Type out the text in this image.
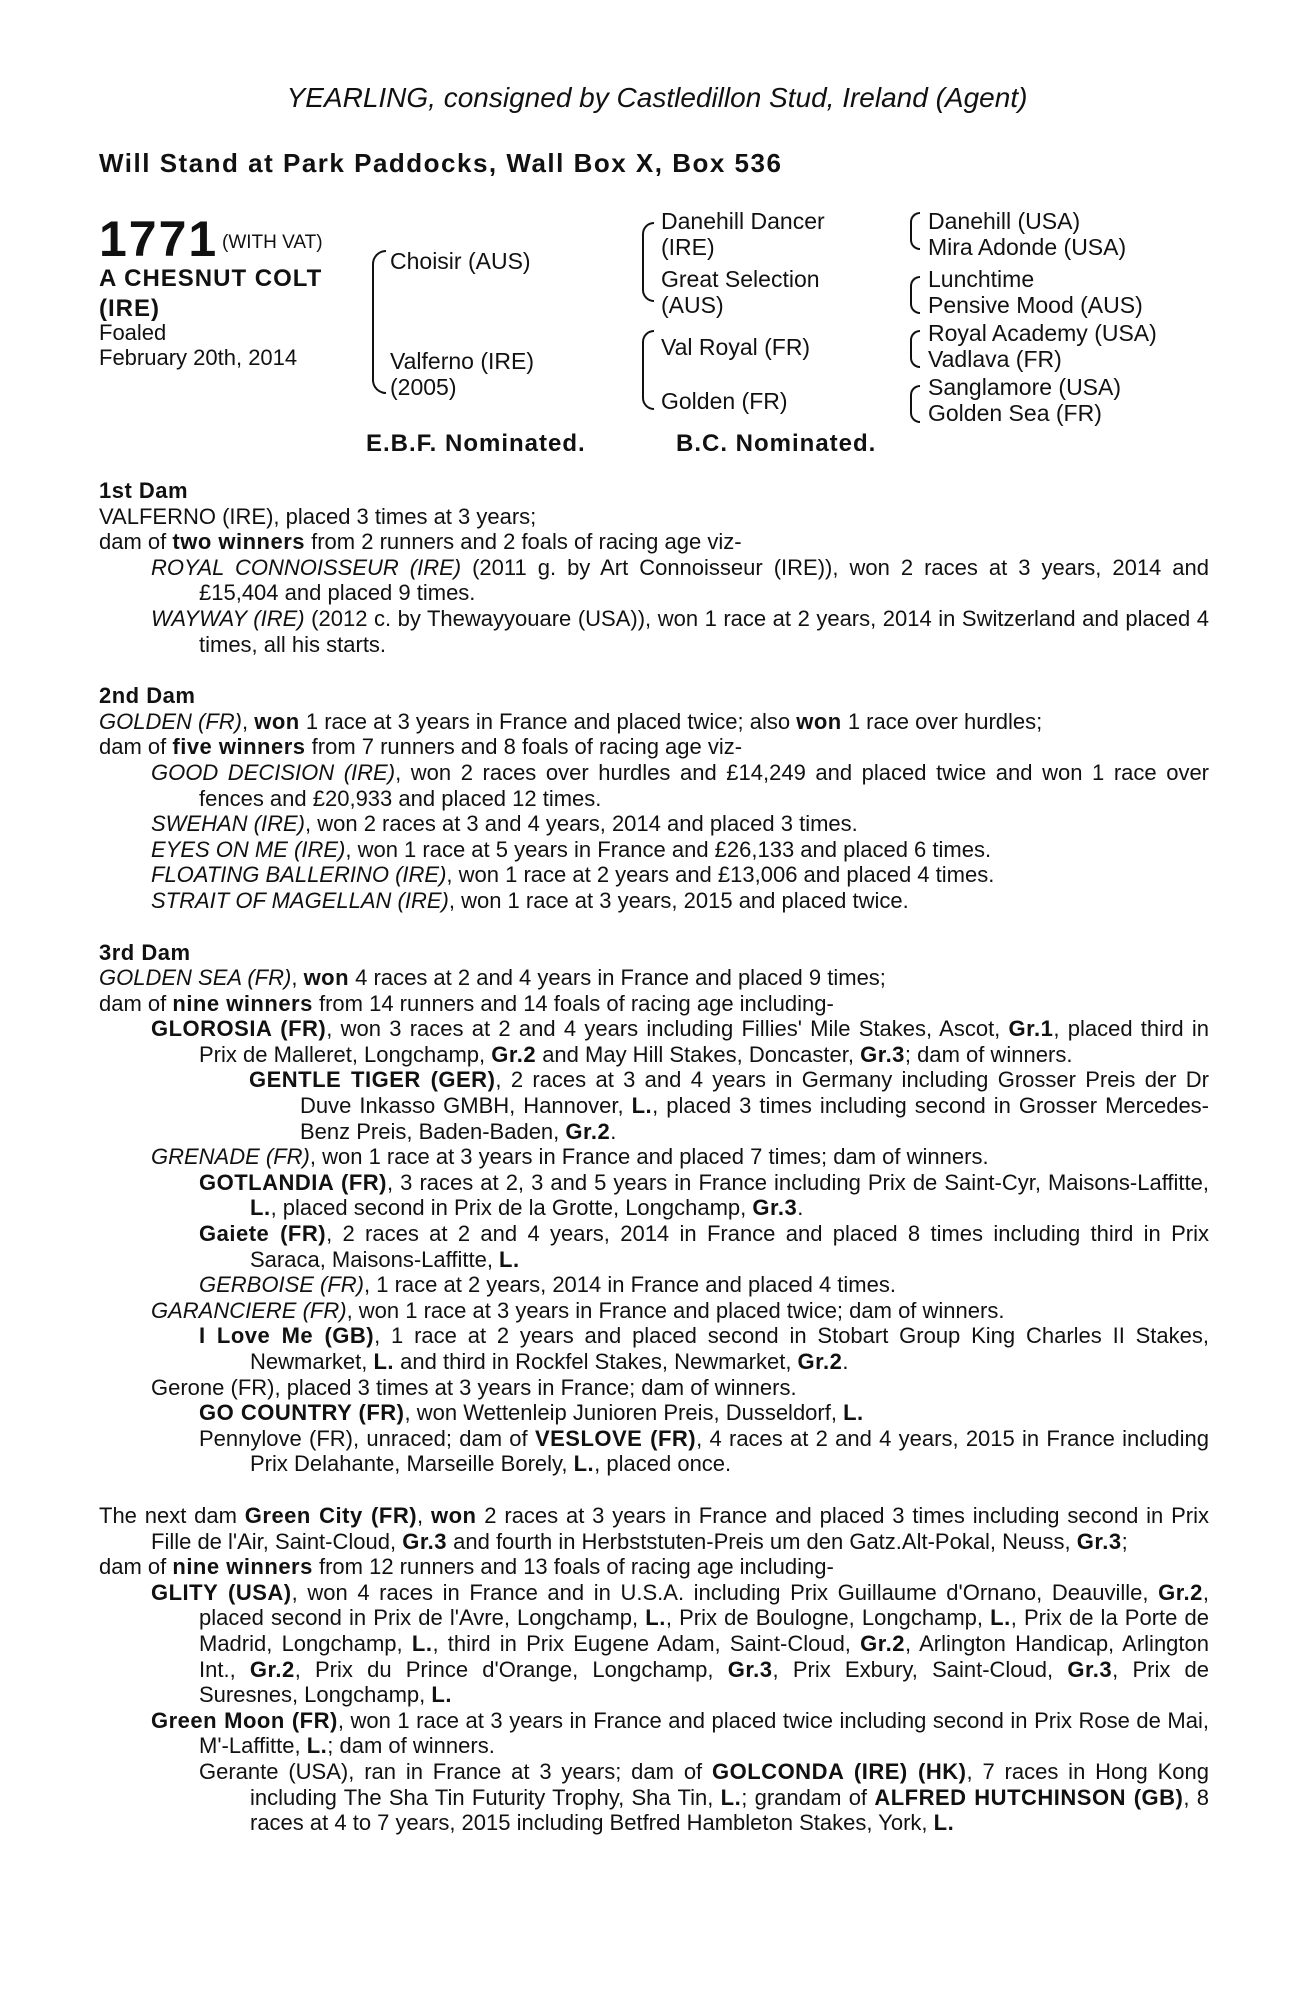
YEARLING, consigned by Castledillon Stud, Ireland (Agent)
Will Stand at Park Paddocks, Wall Box X, Box 536
1771 (WITH VAT)
A CHESNUT COLT
(IRE)
Foaled
February 20th, 2014
Choisir (AUS)
Valferno (IRE)
(2005)
Danehill Dancer
(IRE)
Great Selection
(AUS)
Val Royal (FR)
Golden (FR)
Danehill (USA)
Mira Adonde (USA)
Lunchtime
Pensive Mood (AUS)
Royal Academy (USA)
Vadlava (FR)
Sanglamore (USA)
Golden Sea (FR)
E.B.F. Nominated.	B.C. Nominated.

1st Dam

VALFERNO (IRE), placed 3 times at 3 years;

dam of two winners from 2 runners and 2 foals of racing age viz-

ROYAL CONNOISSEUR (IRE) (2011 g. by Art Connoisseur (IRE)), won 2 races at 3 years, 2014 and £15,404 and placed 9 times.

WAYWAY (IRE) (2012 c. by Thewayyouare (USA)), won 1 race at 2 years, 2014 in Switzerland and placed 4 times, all his starts.

2nd Dam

GOLDEN (FR), won 1 race at 3 years in France and placed twice; also won 1 race over hurdles;

dam of five winners from 7 runners and 8 foals of racing age viz-

GOOD DECISION (IRE), won 2 races over hurdles and £14,249 and placed twice and won 1 race over fences and £20,933 and placed 12 times.

SWEHAN (IRE), won 2 races at 3 and 4 years, 2014 and placed 3 times.

EYES ON ME (IRE), won 1 race at 5 years in France and £26,133 and placed 6 times.

FLOATING BALLERINO (IRE), won 1 race at 2 years and £13,006 and placed 4 times.

STRAIT OF MAGELLAN (IRE), won 1 race at 3 years, 2015 and placed twice.

3rd Dam

GOLDEN SEA (FR), won 4 races at 2 and 4 years in France and placed 9 times;

dam of nine winners from 14 runners and 14 foals of racing age including-

GLOROSIA (FR), won 3 races at 2 and 4 years including Fillies' Mile Stakes, Ascot, Gr.1, placed third in Prix de Malleret, Longchamp, Gr.2 and May Hill Stakes, Doncaster, Gr.3; dam of winners.

GENTLE TIGER (GER), 2 races at 3 and 4 years in Germany including Grosser Preis der Dr Duve Inkasso GMBH, Hannover, L., placed 3 times including second in Grosser Mercedes-Benz Preis, Baden-Baden, Gr.2.

GRENADE (FR), won 1 race at 3 years in France and placed 7 times; dam of winners.

GOTLANDIA (FR), 3 races at 2, 3 and 5 years in France including Prix de Saint-Cyr, Maisons-Laffitte, L., placed second in Prix de la Grotte, Longchamp, Gr.3.

Gaiete (FR), 2 races at 2 and 4 years, 2014 in France and placed 8 times including third in Prix Saraca, Maisons-Laffitte, L.

GERBOISE (FR), 1 race at 2 years, 2014 in France and placed 4 times.

GARANCIERE (FR), won 1 race at 3 years in France and placed twice; dam of winners.

I Love Me (GB), 1 race at 2 years and placed second in Stobart Group King Charles II Stakes, Newmarket, L. and third in Rockfel Stakes, Newmarket, Gr.2.

Gerone (FR), placed 3 times at 3 years in France; dam of winners.

GO COUNTRY (FR), won Wettenleip Junioren Preis, Dusseldorf, L.

Pennylove (FR), unraced; dam of VESLOVE (FR), 4 races at 2 and 4 years, 2015 in France including Prix Delahante, Marseille Borely, L., placed once.

The next dam Green City (FR), won 2 races at 3 years in France and placed 3 times including second in Prix Fille de l'Air, Saint-Cloud, Gr.3 and fourth in Herbststuten-Preis um den Gatz.Alt-Pokal, Neuss, Gr.3;

dam of nine winners from 12 runners and 13 foals of racing age including-

GLITY (USA), won 4 races in France and in U.S.A. including Prix Guillaume d'Ornano, Deauville, Gr.2, placed second in Prix de l'Avre, Longchamp, L., Prix de Boulogne, Longchamp, L., Prix de la Porte de Madrid, Longchamp, L., third in Prix Eugene Adam, Saint-Cloud, Gr.2, Arlington Handicap, Arlington Int., Gr.2, Prix du Prince d'Orange, Longchamp, Gr.3, Prix Exbury, Saint-Cloud, Gr.3, Prix de Suresnes, Longchamp, L.

Green Moon (FR), won 1 race at 3 years in France and placed twice including second in Prix Rose de Mai, M'-Laffitte, L.; dam of winners.

Gerante (USA), ran in France at 3 years; dam of GOLCONDA (IRE) (HK), 7 races in Hong Kong including The Sha Tin Futurity Trophy, Sha Tin, L.; grandam of ALFRED HUTCHINSON (GB), 8 races at 4 to 7 years, 2015 including Betfred Hambleton Stakes, York, L.
